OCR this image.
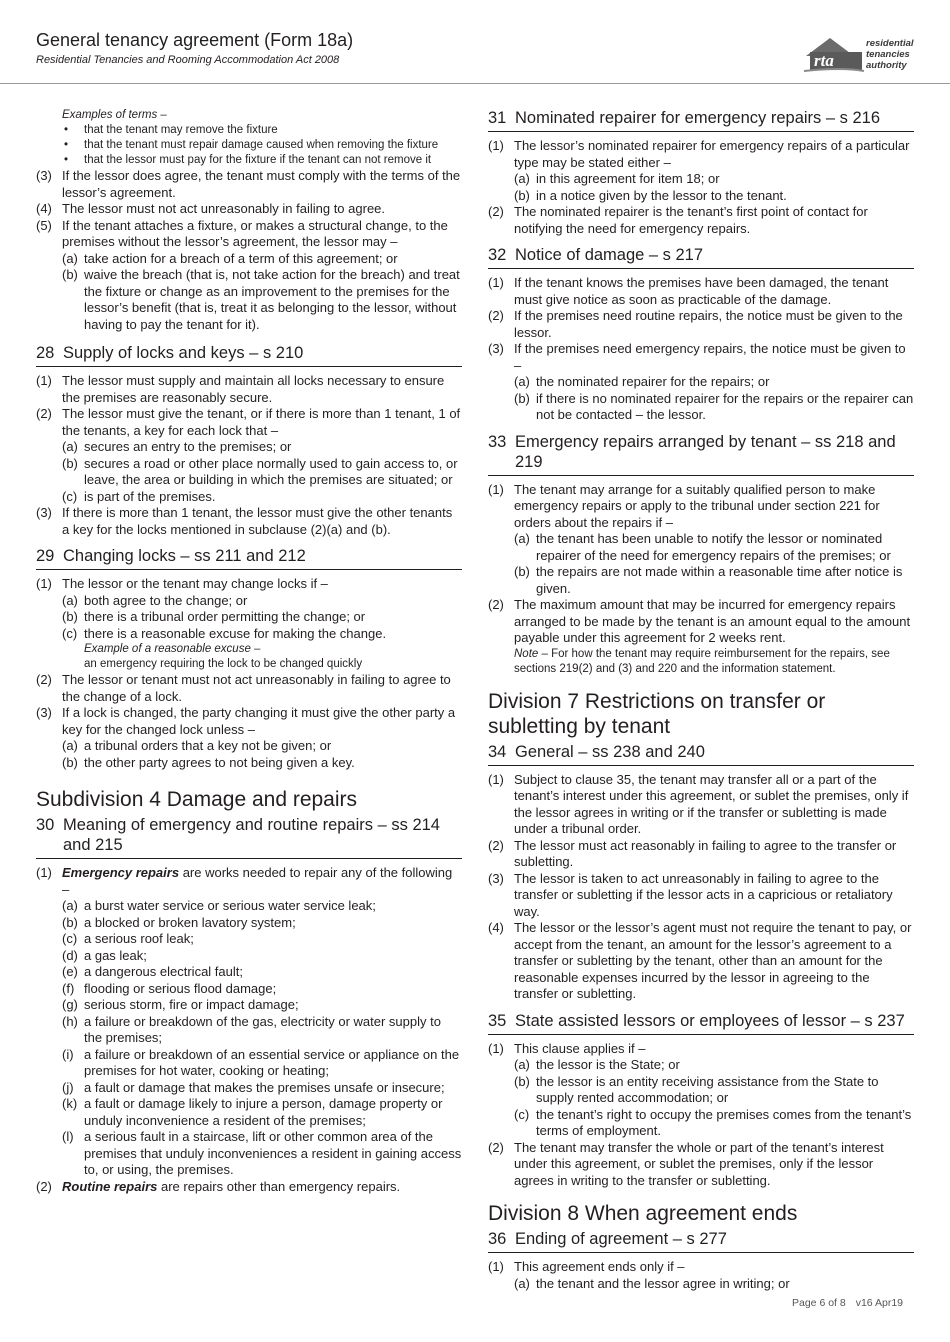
General tenancy agreement (Form 18a)
Residential Tenancies and Rooming Accommodation Act 2008	rta
residential
tenancies
authority
Examples of terms –
• that the tenant may remove the fixture
• that the tenant must repair damage caused when removing the fixture
• that the lessor must pay for the fixture if the tenant can not remove it
(3) If the lessor does agree, the tenant must comply with the terms of the lessor’s agreement.
(4) The lessor must not act unreasonably in failing to agree.
(5) If the tenant attaches a fixture, or makes a structural change, to the premises without the lessor’s agreement, the lessor may –
(a) take action for a breach of a term of this agreement; or
(b) waive the breach (that is, not take action for the breach) and treat the fixture or change as an improvement to the premises for the lessor’s benefit (that is, treat it as belonging to the lessor, without having to pay the tenant for it).
28 Supply of locks and keys – s 210
(1) The lessor must supply and maintain all locks necessary to ensure the premises are reasonably secure.
(2) The lessor must give the tenant, or if there is more than 1 tenant, 1 of the tenants, a key for each lock that –
(a) secures an entry to the premises; or
(b) secures a road or other place normally used to gain access to, or leave, the area or building in which the premises are situated; or
(c) is part of the premises.
(3) If there is more than 1 tenant, the lessor must give the other tenants a key for the locks mentioned in subclause (2)(a) and (b).
29 Changing locks – ss 211 and 212
(1) The lessor or the tenant may change locks if –
(a) both agree to the change; or
(b) there is a tribunal order permitting the change; or
(c) there is a reasonable excuse for making the change.
Example of a reasonable excuse –
an emergency requiring the lock to be changed quickly
(2) The lessor or tenant must not act unreasonably in failing to agree to the change of a lock.
(3) If a lock is changed, the party changing it must give the other party a key for the changed lock unless –
(a) a tribunal orders that a key not be given; or
(b) the other party agrees to not being given a key.
Subdivision 4 Damage and repairs
30 Meaning of emergency and routine repairs – ss 214 and 215
(1) Emergency repairs are works needed to repair any of the following –
(a) a burst water service or serious water service leak;
(b) a blocked or broken lavatory system;
(c) a serious roof leak;
(d) a gas leak;
(e) a dangerous electrical fault;
(f) flooding or serious flood damage;
(g) serious storm, fire or impact damage;
(h) a failure or breakdown of the gas, electricity or water supply to the premises;
(i) a failure or breakdown of an essential service or appliance on the premises for hot water, cooking or heating;
(j) a fault or damage that makes the premises unsafe or insecure;
(k) a fault or damage likely to injure a person, damage property or unduly inconvenience a resident of the premises;
(l) a serious fault in a staircase, lift or other common area of the premises that unduly inconveniences a resident in gaining access to, or using, the premises.
(2) Routine repairs are repairs other than emergency repairs.
31 Nominated repairer for emergency repairs – s 216
(1) The lessor’s nominated repairer for emergency repairs of a particular type may be stated either –
(a) in this agreement for item 18; or
(b) in a notice given by the lessor to the tenant.
(2) The nominated repairer is the tenant’s first point of contact for notifying the need for emergency repairs.
32 Notice of damage – s 217
(1) If the tenant knows the premises have been damaged, the tenant must give notice as soon as practicable of the damage.
(2) If the premises need routine repairs, the notice must be given to the lessor.
(3) If the premises need emergency repairs, the notice must be given to –
(a) the nominated repairer for the repairs; or
(b) if there is no nominated repairer for the repairs or the repairer can not be contacted – the lessor.
33 Emergency repairs arranged by tenant – ss 218 and 219
(1) The tenant may arrange for a suitably qualified person to make emergency repairs or apply to the tribunal under section 221 for orders about the repairs if –
(a) the tenant has been unable to notify the lessor or nominated repairer of the need for emergency repairs of the premises; or
(b) the repairs are not made within a reasonable time after notice is given.
(2) The maximum amount that may be incurred for emergency repairs arranged to be made by the tenant is an amount equal to the amount payable under this agreement for 2 weeks rent.
Note – For how the tenant may require reimbursement for the repairs, see sections 219(2) and (3) and 220 and the information statement.
Division 7 Restrictions on transfer or subletting by tenant
34 General – ss 238 and 240
(1) Subject to clause 35, the tenant may transfer all or a part of the tenant’s interest under this agreement, or sublet the premises, only if the lessor agrees in writing or if the transfer or subletting is made under a tribunal order.
(2) The lessor must act reasonably in failing to agree to the transfer or subletting.
(3) The lessor is taken to act unreasonably in failing to agree to the transfer or subletting if the lessor acts in a capricious or retaliatory way.
(4) The lessor or the lessor’s agent must not require the tenant to pay, or accept from the tenant, an amount for the lessor’s agreement to a transfer or subletting by the tenant, other than an amount for the reasonable expenses incurred by the lessor in agreeing to the transfer or subletting.
35 State assisted lessors or employees of lessor – s 237
(1) This clause applies if –
(a) the lessor is the State; or
(b) the lessor is an entity receiving assistance from the State to supply rented accommodation; or
(c) the tenant’s right to occupy the premises comes from the tenant’s terms of employment.
(2) The tenant may transfer the whole or part of the tenant’s interest under this agreement, or sublet the premises, only if the lessor agrees in writing to the transfer or subletting.
Division 8 When agreement ends
36 Ending of agreement – s 277
(1) This agreement ends only if –
(a) the tenant and the lessor agree in writing; or
Page 6 of 8 v16 Apr19
